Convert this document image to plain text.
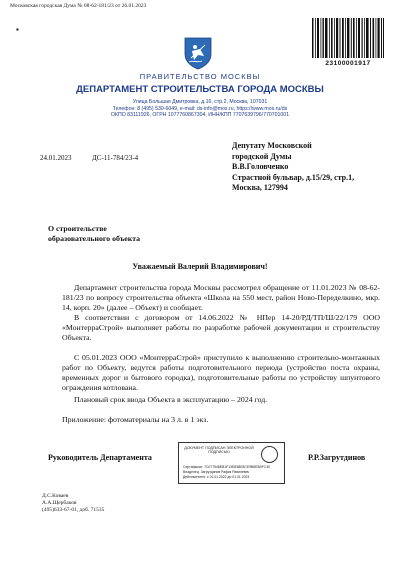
Московская городская Дума № 08-62-181/23 от 26.01.2023
▪
23100001917
ПРАВИТЕЛЬСТВО МОСКВЫ
ДЕПАРТАМЕНТ СТРОИТЕЛЬСТВА ГОРОДА МОСКВЫ
Улица Большая Дмитровка, д.16, стр.2, Москва, 107031
Телефон: 8 (495) 530-6049, e-mail: ds-info@mos.ru, https://www.mos.ru/ds
ОКПО 83111926, ОГРН 1077760867304, ИНН/КПП 7707639796/770701001
24.01.2023	ДС-11-784/23-4
Депутату Московской
городской Думы
В.В.Головченко
Страстной бульвар, д.15/29, стр.1,
Москва, 127994
О строительстве
образовательного объекта
Уважаемый Валерий Владимирович!
Департамент строительства города Москвы рассмотрел обращение от 11.01.2023 № 08-62-181/23 по вопросу строительства объекта «Школа на 550 мест, район Ново-Переделкино, мкр. 14, корп. 20» (далее – Объект) и сообщает.
В соответствии с договором от 14.06.2022 № НПер 14-20/РД/ТП/Ш/22/179 ООО «МонтерраСтрой» выполняет работы по разработке рабочей документации и строительству Объекта.
С 05.01.2023 ООО «МонтерраСтрой» приступило к выполнению строительно-монтажных работ по Объекту, ведутся работы подготовительного периода (устройство поста охраны, временных дорог и бытового городка), подготовительные работы по устройству шпунтового ограждения котлована.
Плановый срок ввода Объекта в эксплуатацию – 2024 год.
Приложение: фотоматериалы на 3 л. в 1 экз.
Руководитель Департамента	Р.Р.Загрутдинов
ДОКУМЕНТ ПОДПИСАН ЭЛЕКТРОННОЙ ПОДПИСЬЮ
Сертификат: 7C077548EB1F13E83BE8CE9B6E5BFC40
Владелец: Загрутдинов Рафик Равилевич
Действителен: с 01.01.2022 до 01.01.2023
Д.С.Коваев
А.А.Щербаков
(495)633-67-01, доб. 71535
